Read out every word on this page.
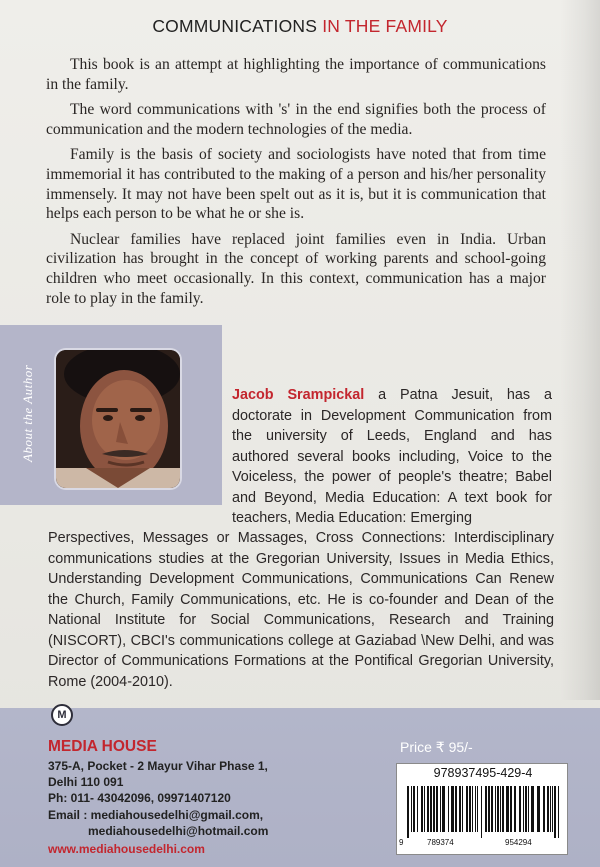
COMMUNICATIONS IN THE FAMILY

This book is an attempt at highlighting the importance of communications in the family.

The word communications with 's' in the end signifies both the process of communication and the modern technologies of the media.

Family is the basis of society and sociologists have noted that from time immemorial it has contributed to the making of a person and his/her personality immensely. It may not have been spelt out as it is, but it is communication that helps each person to be what he or she is.

Nuclear families have replaced joint families even in India. Urban civilization has brought in the concept of working parents and school-going children who meet occasionally. In this context, communication has a major role to play in the family.

About the Author	Jacob Srampickal a Patna Jesuit, has a doctorate in Development Communication from the university of Leeds, England and has authored several books including, Voice to the Voiceless, the power of people's theatre; Babel and Beyond, Media Education: A text book for teachers, Media Education: Emerging
Perspectives, Messages or Massages, Cross Connections: Interdisciplinary communications studies at the Gregorian University, Issues in Media Ethics, Understanding Development Communications, Communications Can Renew the Church, Family Communications, etc. He is co-founder and Dean of the National Institute for Social Communications, Research and Training (NISCORT), CBCI's communications college at Gaziabad \New Delhi, and was Director of Communications Formations at the Pontifical Gregorian University, Rome (2004-2010).
M
MEDIA HOUSE
375-A, Pocket - 2 Mayur Vihar Phase 1,
Delhi 110 091
Ph: 011- 43042096, 09971407120
Email : mediahousedelhi@gmail.com,
mediahousedelhi@hotmail.com
www.mediahousedelhi.com
Price ₹ 95/-
978937495-429-4
9	789374	954294
